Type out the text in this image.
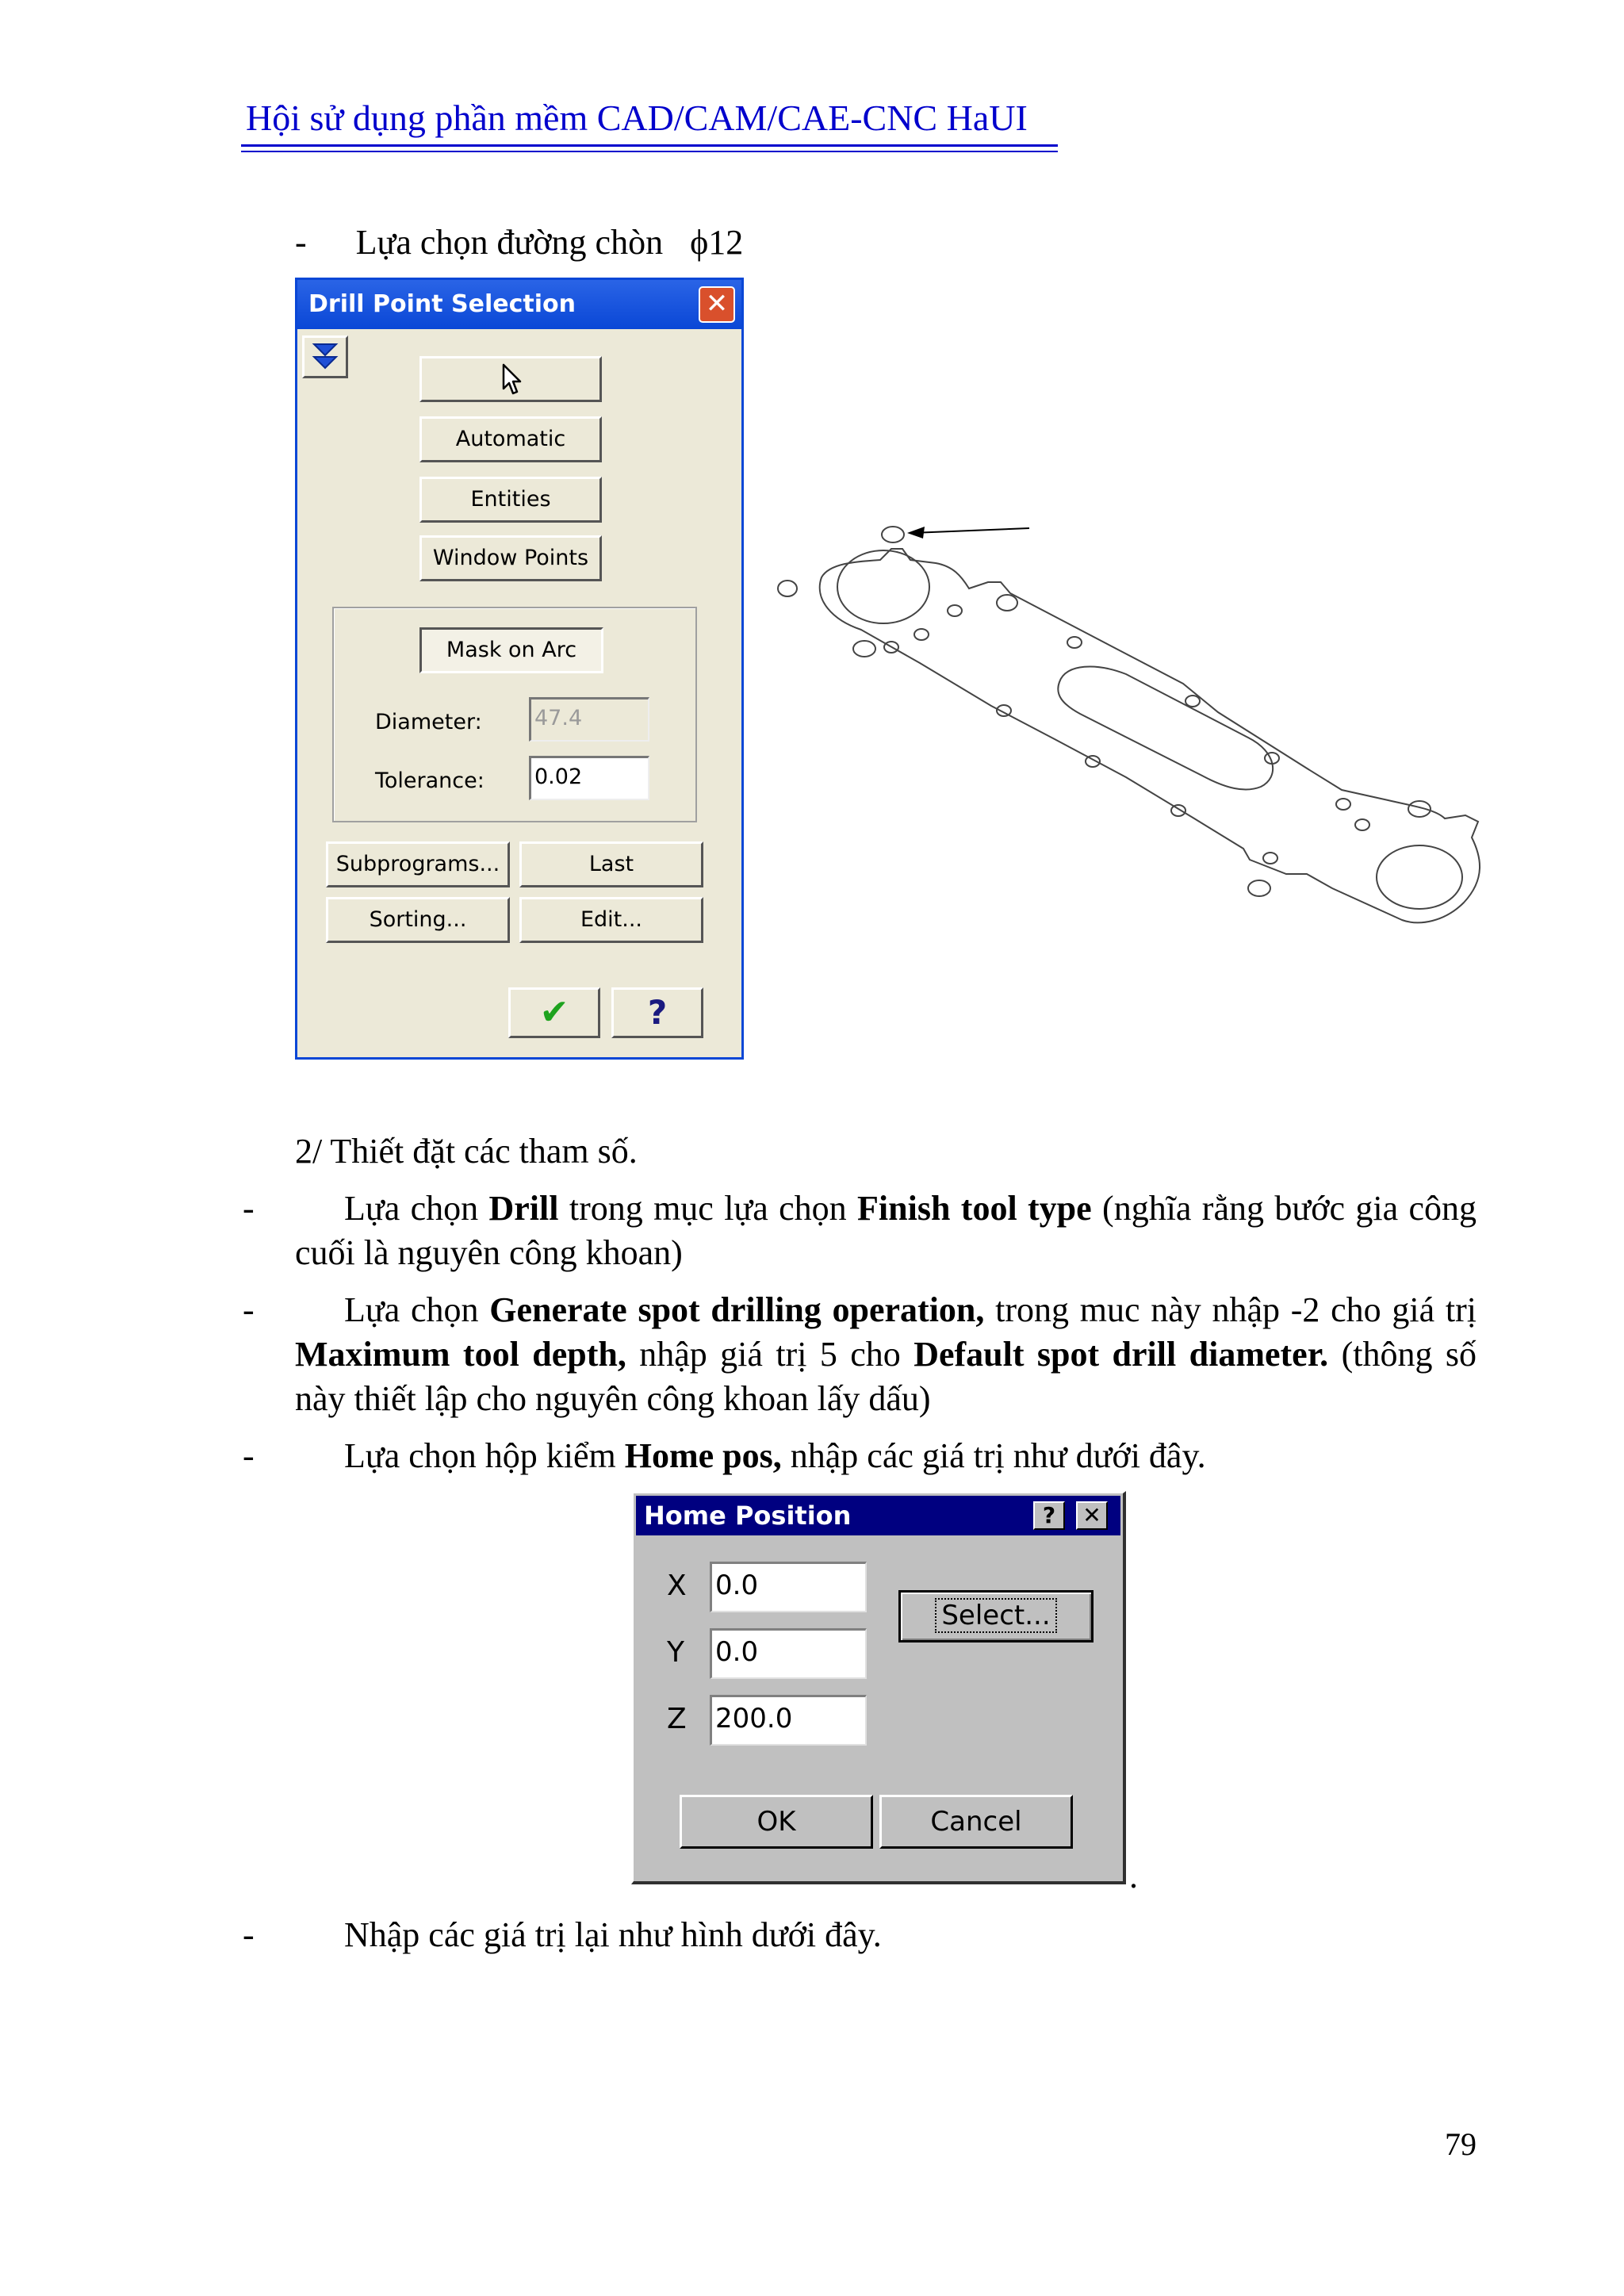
Hội sử dụng phần mềm CAD/CAM/CAE-CNC HaUI
- Lựa chọn đường chòn ϕ12
Drill Point Selection	✕
Automatic
Entities
Window Points
Mask on Arc
Diameter: 47.4
Tolerance: 0.02
Subprograms...	Last
Sorting...	Edit...
✔	?
2/ Thiết đặt các tham số.
-	Lựa chọn Drill trong mục lựa chọn Finish tool type (nghĩa rằng bước gia công cuối là nguyên công khoan)
-	Lựa chọn Generate spot drilling operation, trong muc này nhập -2 cho giá trị Maximum tool depth, nhập giá trị 5 cho Default spot drill diameter. (thông số này thiết lập cho nguyên công khoan lấy dấu)
-	Lựa chọn hộp kiểm Home pos, nhập các giá trị như dưới đây.
Home Position	?	✕
X 0.0
Y 0.0
Z 200.0
Select...
OK	Cancel
.
-	Nhập các giá trị lại như hình dưới đây.
79
